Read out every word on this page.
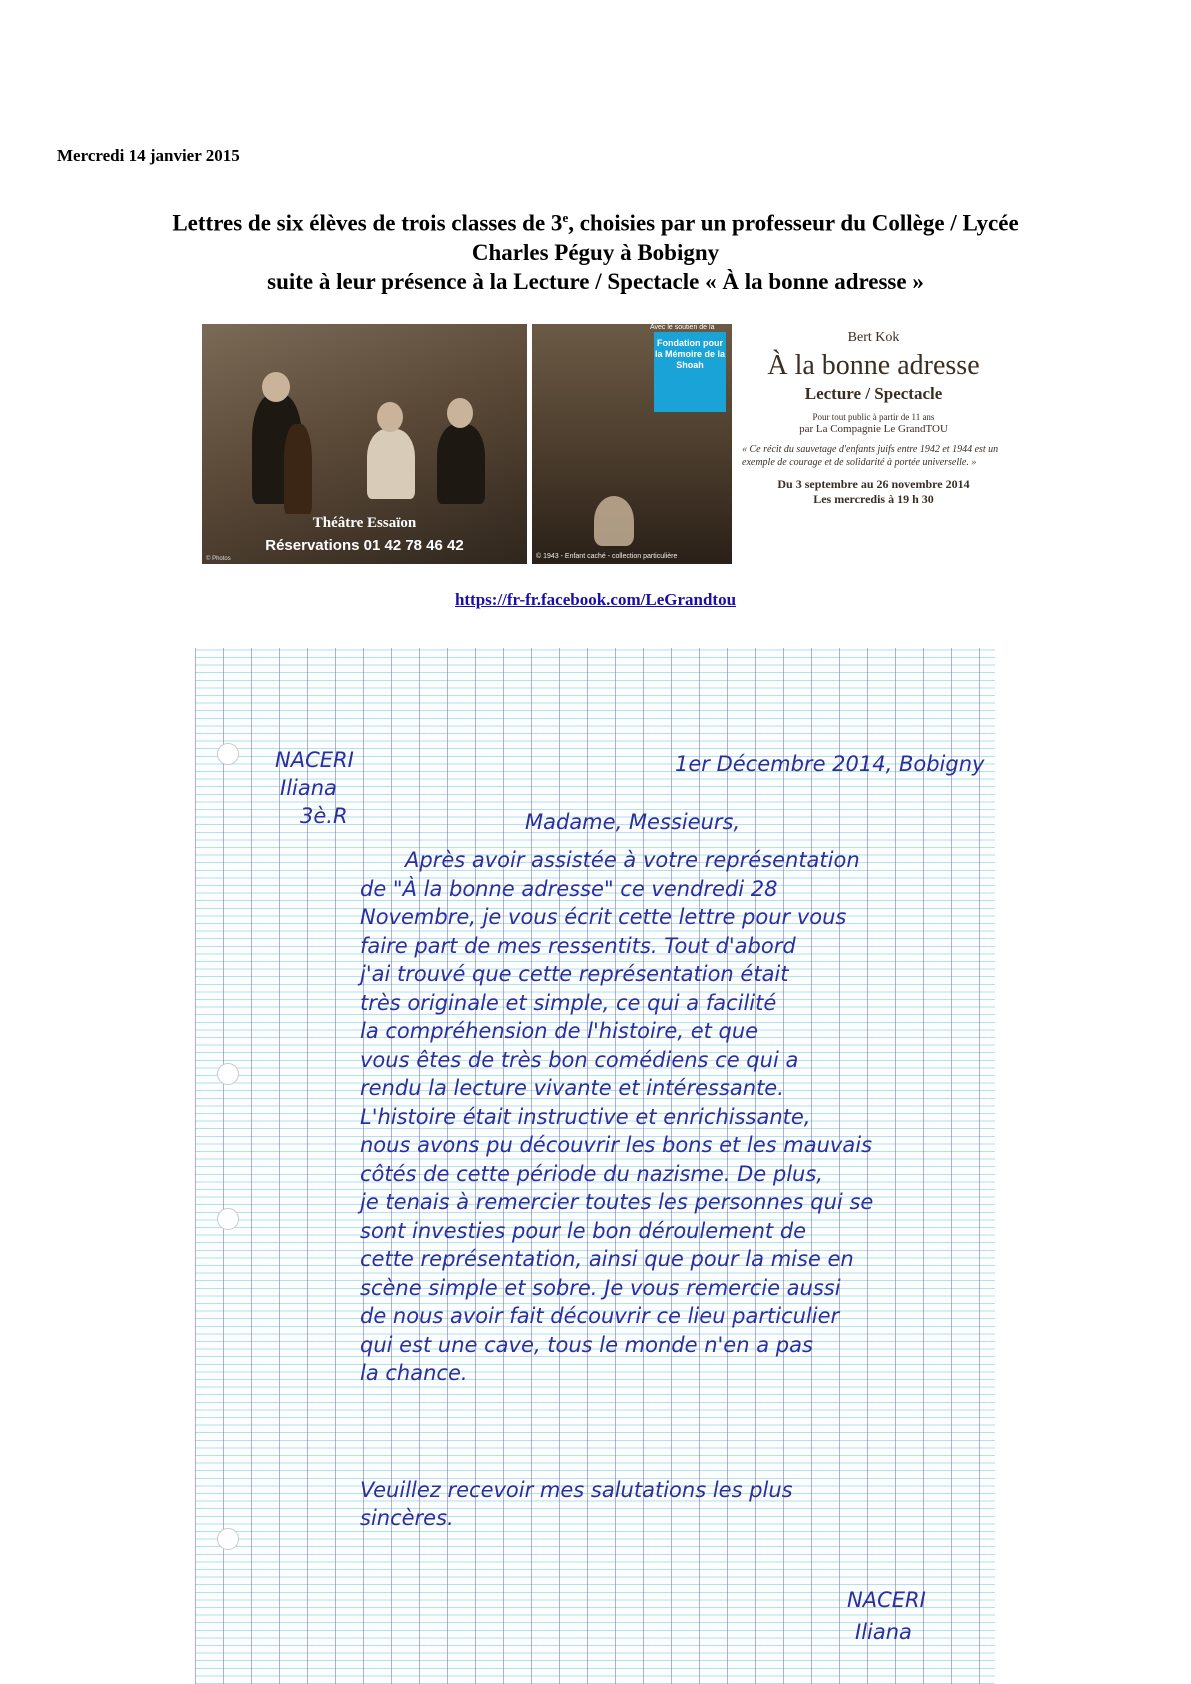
Mercredi 14 janvier 2015
Lettres de six élèves de trois classes de 3e, choisies par un professeur du Collège / Lycée
Charles Péguy à Bobigny
suite à leur présence à la Lecture / Spectacle « À la bonne adresse »
Théâtre Essaïon
Réservations 01 42 78 46 42
© Photos
Avec le soutien de la
Fondation pour la Mémoire de la Shoah
© 1943 - Enfant caché - collection particulière
Bert Kok
À la bonne adresse
Lecture / Spectacle
Pour tout public à partir de 11 ans
par La Compagnie Le GrandTOU
« Ce récit du sauvetage d'enfants juifs entre 1942 et 1944 est un exemple de courage et de solidarité à portée universelle. »
Du 3 septembre au 26 novembre 2014
Les mercredis à 19 h 30
https://fr-fr.facebook.com/LeGrandtou
NACERI
Iliana
3è.R
1er Décembre 2014, Bobigny
Madame, Messieurs,
Après avoir assistée à votre représentation
de "À la bonne adresse" ce vendredi 28
Novembre, je vous écrit cette lettre pour vous
faire part de mes ressentits. Tout d'abord
j'ai trouvé que cette représentation était
très originale et simple, ce qui a facilité
la compréhension de l'histoire, et que
vous êtes de très bon comédiens ce qui a
rendu la lecture vivante et intéressante.
L'histoire était instructive et enrichissante,
nous avons pu découvrir les bons et les mauvais
côtés de cette période du nazisme. De plus,
je tenais à remercier toutes les personnes qui se
sont investies pour le bon déroulement de
cette représentation, ainsi que pour la mise en
scène simple et sobre. Je vous remercie aussi
de nous avoir fait découvrir ce lieu particulier
qui est une cave, tous le monde n'en a pas
la chance.
Veuillez recevoir mes salutations les plus
sincères.
NACERI
Iliana
